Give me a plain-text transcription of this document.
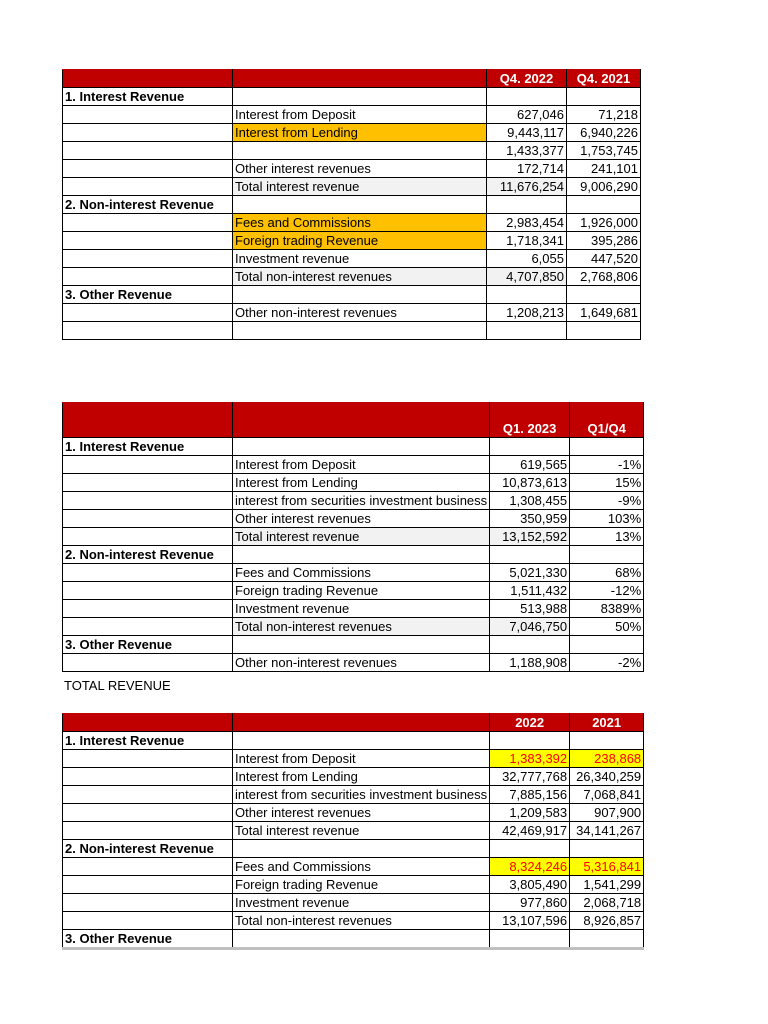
		Q4. 2022	Q4. 2021
1. Interest Revenue			
	Interest from Deposit	627,046	71,218
	Interest from Lending	9,443,117	6,940,226
		1,433,377	1,753,745
	Other interest revenues	172,714	241,101
	Total interest revenue	11,676,254	9,006,290
2. Non-interest Revenue			
	Fees and Commissions	2,983,454	1,926,000
	Foreign trading Revenue	1,718,341	395,286
	Investment revenue	6,055	447,520
	Total non-interest revenues	4,707,850	2,768,806
3. Other Revenue			
	Other non-interest revenues	1,208,213	1,649,681

		Q1. 2023	Q1/Q4
1. Interest Revenue			
	Interest from Deposit	619,565	-1%
	Interest from Lending	10,873,613	15%
	interest from securities investment business	1,308,455	-9%
	Other interest revenues	350,959	103%
	Total interest revenue	13,152,592	13%
2. Non-interest Revenue			
	Fees and Commissions	5,021,330	68%
	Foreign trading Revenue	1,511,432	-12%
	Investment revenue	513,988	8389%
	Total non-interest revenues	7,046,750	50%
3. Other Revenue			
	Other non-interest revenues	1,188,908	-2%
TOTAL REVENUE
		2022	2021
1. Interest Revenue			
	Interest from Deposit	1,383,392	238,868
	Interest from Lending	32,777,768	26,340,259
	interest from securities investment business	7,885,156	7,068,841
	Other interest revenues	1,209,583	907,900
	Total interest revenue	42,469,917	34,141,267
2. Non-interest Revenue			
	Fees and Commissions	8,324,246	5,316,841
	Foreign trading Revenue	3,805,490	1,541,299
	Investment revenue	977,860	2,068,718
	Total non-interest revenues	13,107,596	8,926,857
3. Other Revenue			
